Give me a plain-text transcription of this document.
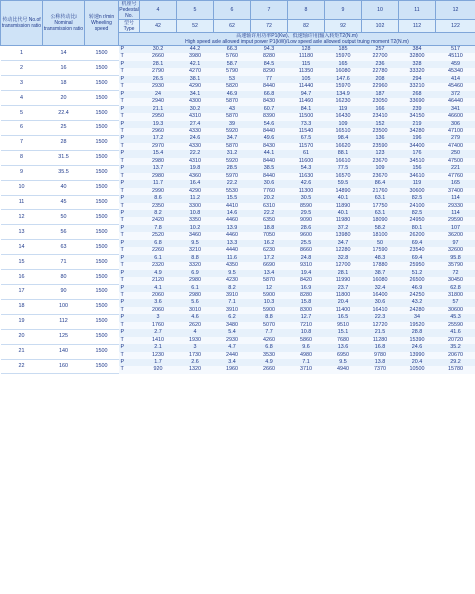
传动比代号 No.of transmission ratio	公称传动比i Nominal transmission ratio	转速n r/min Wheeling speed	机座号 Pedestal No.	4	5	6	7	8	9	10	11	12
			型号 Type	42	52	62	72	82	92	102	112	122
			高速轴许用功率P1(Kw)、低速轴许用(输入转矩T2(N.m)
High speed axle allowed imput power P1(kW)/Low speed axle allowed output truing moment T2(N.m)									
1	14	1500	P	30.2	44.2	66.3	94.3	128	185	257	384	517
			T	2660	3980	5760	8280	11180	15970	22700	32800	45110
2	16	1500	P	28.1	42.1	58.7	84.5	115	165	236	328	459
			T	2790	4270	5790	8290	11350	16080	22780	33320	45340
3	18	1500	P	26.5	38.1	53	77	105	147.6	208	294	414
			T	2930	4290	5820	8440	11440	15970	22960	33210	45460
4	20	1500	P	24	34.1	46.9	66.8	94.7	134.9	187	268	372
			T	2940	4300	5870	8430	11460	16230	23050	33690	46440
5	22.4	1500	P	21.1	30.2	43	60.7	84.1	119	166	239	341
			T	2950	4310	5870	8390	11500	16430	23410	34150	46600
6	25	1500	P	19.3	27.4	39	54.6	73.3	109	152	219	306
			T	2960	4330	5920	8440	11540	16510	23500	34280	47100
7	28	1500	P	17.2	24.6	34.7	49.6	67.5	98.4	136	196	279
			T	2970	4330	5870	8430	11570	16620	23590	34400	47400
8	31.5	1500	P	15.4	22.2	31.2	44.1	61	88.1	123	176	250
			T	2980	4310	5920	8440	11600	16610	23670	34510	47500
9	35.5	1500	P	13.7	19.8	28.5	38.5	54.3	77.5	109	156	221
			T	2980	4360	5970	8440	11630	16570	23670	34610	47760
10	40	1500	P	11.7	16.4	22.2	30.6	42.6	59.5	86.4	119	165
			T	2990	4290	5530	7760	11300	14890	21760	30600	37400
11	45	1500	P	8.6	11.2	15.5	20.2	30.5	40.1	63.1	82.5	114
			T	2350	3300	4410	6310	8590	11890	17750	24100	29330
12	50	1500	P	8.2	10.8	14.6	22.2	29.5	40.1	63.1	82.5	114
			T	2420	3350	4460	6350	9090	11980	18090	24950	29590
13	56	1500	P	7.8	10.2	13.9	18.8	28.6	37.2	58.2	80.1	107
			T	2520	3460	4460	7050	9600	13980	18100	26200	36200
14	63	1500	P	6.8	9.5	13.3	16.2	25.5	34.7	50	69.4	97
			T	2260	3210	4440	6230	8660	12280	17590	23540	32600
15	71	1500	P	6.1	8.8	11.6	17.2	24.8	32.8	48.3	69.4	95.8
			T	2320	3320	4350	6690	9310	12700	17880	25950	35790
16	80	1500	P	4.9	6.9	9.5	13.4	19.4	28.1	38.7	51.2	72
			T	2120	2980	4230	5870	8420	11990	16080	26500	30450
17	90	1500	P	4.1	6.1	8.2	12	16.9	23.7	32.4	46.9	62.8
			T	2060	2980	3910	5900	8280	11800	16400	24250	31800
18	100	1500	P	3.6	5.6	7.1	10.3	15.8	20.4	30.6	43.2	57
			T	2060	3010	3910	5900	8300	11400	16410	24280	30600
19	112	1500	P	3	4.6	6.2	8.8	12.7	16.5	22.3	34	45.3
			T	1760	2620	3480	5070	7210	9510	12720	19520	25590
20	125	1500	P	2.7	4	5.4	7.7	10.8	15.1	21.5	28.8	41.6
			T	1410	1930	2930	4260	5860	7680	11280	15390	20720
21	140	1500	P	2.1	3	4.7	6.8	9.6	13.6	16.8	24.6	35.2
			T	1230	1730	2440	3530	4980	6950	9780	13990	20670
22	160	1500	P	1.7	2.6	3.4	4.9	7.1	9.5	13.8	20.4	29.2
			T	920	1320	1960	2660	3710	4940	7370	10500	15780
